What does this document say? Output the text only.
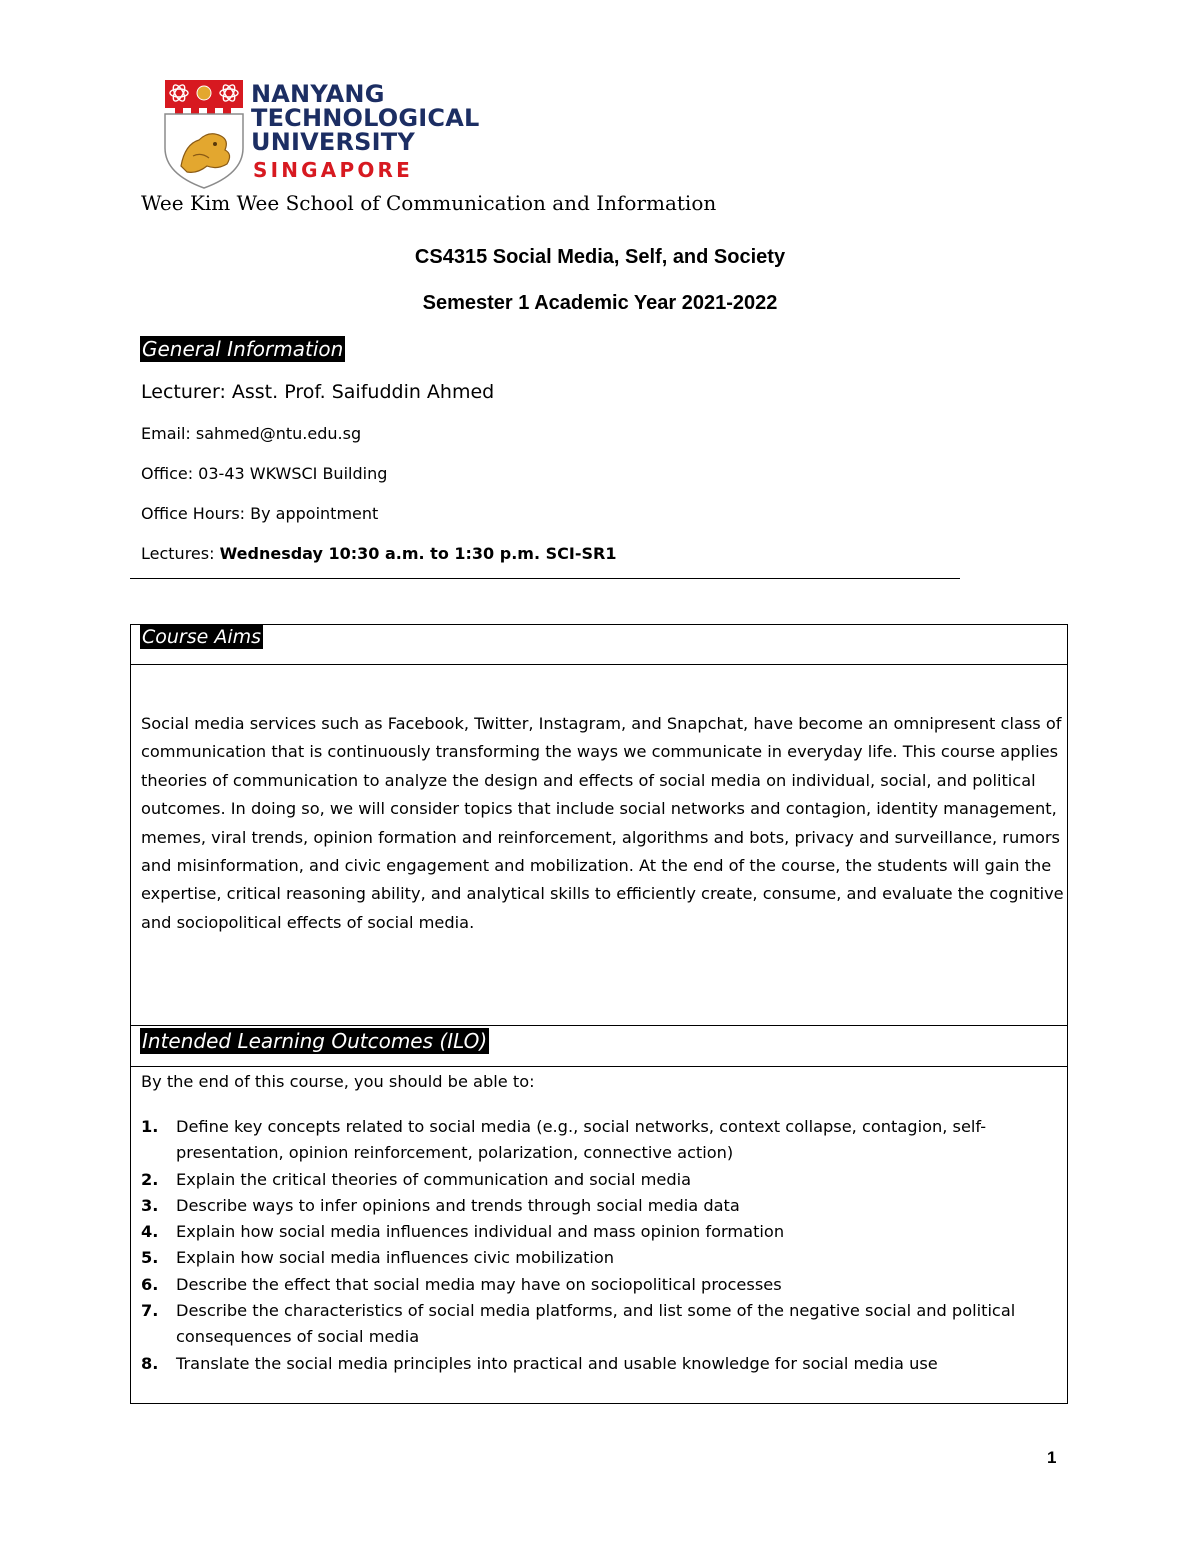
NANYANG
TECHNOLOGICAL
UNIVERSITY
SINGAPORE
Wee Kim Wee School of Communication and Information
CS4315 Social Media, Self, and Society
Semester 1 Academic Year 2021-2022
General Information
Lecturer: Asst. Prof. Saifuddin Ahmed
Email: sahmed@ntu.edu.sg
Office: 03-43 WKWSCI Building
Office Hours: By appointment
Lectures: Wednesday 10:30 a.m. to 1:30 p.m. SCI-SR1
Course Aims

Social media services such as Facebook, Twitter, Instagram, and Snapchat, have become an omnipresent class of communication that is continuously transforming the ways we communicate in everyday life. This course applies theories of communication to analyze the design and effects of social media on individual, social, and political outcomes. In doing so, we will consider topics that include social networks and contagion, identity management, memes, viral trends, opinion formation and reinforcement, algorithms and bots, privacy and surveillance, rumors and misinformation, and civic engagement and mobilization. At the end of the course, the students will gain the expertise, critical reasoning ability, and analytical skills to efficiently create, consume, and evaluate the cognitive and sociopolitical effects of social media.

Intended Learning Outcomes (ILO)
By the end of this course, you should be able to:
1. Define key concepts related to social media (e.g., social networks, context collapse, contagion, self-presentation, opinion reinforcement, polarization, connective action)
2. Explain the critical theories of communication and social media
3. Describe ways to infer opinions and trends through social media data
4. Explain how social media influences individual and mass opinion formation
5. Explain how social media influences civic mobilization
6. Describe the effect that social media may have on sociopolitical processes
7. Describe the characteristics of social media platforms, and list some of the negative social and political consequences of social media
8. Translate the social media principles into practical and usable knowledge for social media use
1
